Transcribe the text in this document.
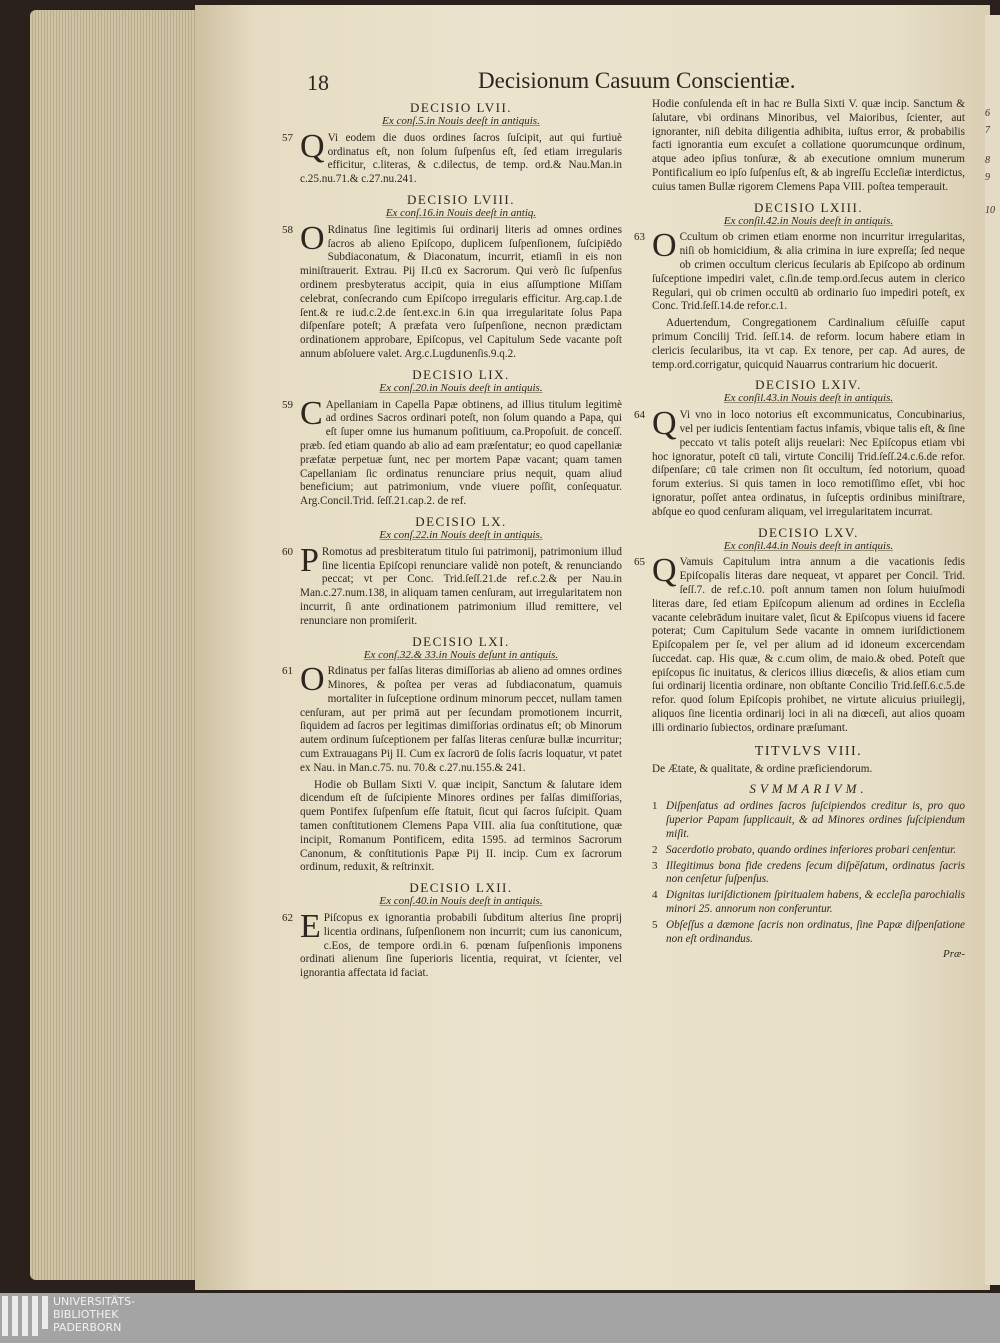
6
7
8
9
10
18	Decisionum Casuum Conscientiæ.
DECISIO LVII.
Ex conſ.5.in Nouis deeſt in antiquis.
57 Q Vi eodem die duos ordines ſacros ſuſcipit, aut qui furtiuè ordinatus eſt, non ſolum ſuſpenſus eſt, ſed etiam irregularis efficitur, c.literas, & c.dilectus, de temp. ord.& Nau.Man.in c.25.nu.71.& c.27.nu.241.
DECISIO LVIII.
Ex conſ.16.in Nouis deeſt in antiq.
58 O Rdinatus ſine legitimis ſui ordinarij literis ad omnes ordines ſacros ab alieno Epiſcopo, duplicem ſuſpenſionem, ſuſcipiēdo Subdiaconatum, & Diaconatum, incurrit, etiamſi in eis non miniſtrauerit. Extrau. Pij II.cū ex Sacrorum. Qui verò ſic ſuſpenſus ordinem presbyteratus accipit, quia in eius aſſumptione Miſſam celebrat, conſecrando cum Epiſcopo irregularis efficitur. Arg.cap.1.de ſent.& re iud.c.2.de ſent.exc.in 6.in qua irregularitate ſolus Papa diſpenſare poteſt; A præfata vero ſuſpenſione, necnon prædictam ordinationem approbare, Epiſcopus, vel Capitulum Sede vacante poſt annum abſoluere valet. Arg.c.Lugdunenſis.9.q.2.
DECISIO LIX.
Ex conſ.20.in Nouis deeſt in antiquis.
59 C Apellaniam in Capella Papæ obtinens, ad illius titulum legitimè ad ordines Sacros ordinari poteſt, non ſolum quando a Papa, qui eſt ſuper omne ius humanum poſitiuum, ca.Propoſuit. de conceſſ. præb. ſed etiam quando ab alio ad eam præſentatur; eo quod capellaniæ præfatæ perpetuæ ſunt, nec per mortem Papæ vacant; quam tamen Capellaniam ſic ordinatus renunciare prius nequit, quam aliud beneficium; aut patrimonium, vnde viuere poſſit, conſequatur. Arg.Concil.Trid. ſeſſ.21.cap.2. de ref.
DECISIO LX.
Ex conſ.22.in Nouis deeſt in antiquis.
60 P Romotus ad presbiteratum titulo ſui patrimonij, patrimonium illud ſine licentia Epiſcopi renunciare validè non poteſt, & renunciando peccat; vt per Conc. Trid.ſeſſ.21.de ref.c.2.& per Nau.in Man.c.27.num.138, in aliquam tamen cenſuram, aut irregularitatem non incurrit, ſi ante ordinationem patrimonium illud remittere, vel renunciare non promiſerit.
DECISIO LXI.
Ex conſ.32.& 33.in Nouis deſunt in antiquis.
61 O Rdinatus per falſas literas dimiſſorias ab alieno ad omnes ordines Minores, & poſtea per veras ad ſubdiaconatum, quamuis mortaliter in ſuſceptione ordinum minorum peccet, nullam tamen cenſuram, aut per primā aut per ſecundam promotionem incurrit, ſiquidem ad ſacros per legitimas dimiſſorias ordinatus eſt; ob Minorum autem ordinum ſuſceptionem per falſas literas cenſuræ bullæ incurritur; cum Extrauagans Pij II. Cum ex ſacrorū de ſolis ſacris loquatur, vt patet ex Nau. in Man.c.75. nu. 70.& c.27.nu.155.& 241.
Hodie ob Bullam Sixti V. quæ incipit, Sanctum & ſalutare idem dicendum eſt de ſuſcipiente Minores ordines per falſas dimiſſorias, quem Pontifex ſuſpenſum eſſe ſtatuit, ſicut qui ſacros ſuſcipit. Quam tamen conſtitutionem Clemens Papa VIII. alia ſua conſtitutione, quæ incipit, Romanum Pontificem, edita 1595. ad terminos Sacrorum Canonum, & conſtitutionis Papæ Pij II. incip. Cum ex ſacrorum ordinum, reduxit, & reſtrinxit.
DECISIO LXII.
Ex conſ.40.in Nouis deeſt in antiquis.
62 E Piſcopus ex ignorantia probabili ſubditum alterius ſine proprij licentia ordinans, ſuſpenſionem non incurrit; cum ius canonicum, c.Eos, de tempore ordi.in 6. pœnam ſuſpenſionis imponens ordinati alienum ſine ſuperioris licentia, requirat, vt ſcienter, vel ignorantia affectata id faciat.
Hodie conſulenda eſt in hac re Bulla Sixti V. quæ incip. Sanctum & ſalutare, vbi ordinans Minoribus, vel Maioribus, ſcienter, aut ignoranter, niſi debita diligentia adhibita, iuſtus error, & probabilis facti ignorantia eum excuſet a collatione quorumcunque ordinum, atque adeo ipſius tonſuræ, & ab executione omnium munerum Pontificalium eo ipſo ſuſpenſus eſt, & ab ingreſſu Eccleſiæ interdictus, cuius tamen Bullæ rigorem Clemens Papa VIII. poſtea temperauit.
DECISIO LXIII.
Ex conſil.42.in Nouis deeſt in antiquis.
63 O Ccultum ob crimen etiam enorme non incurritur irregularitas, niſi ob homicidium, & alia crimina in iure expreſſa; ſed neque ob crimen occultum clericus ſecularis ab Epiſcopo ab ordinum ſuſceptione impediri valet, c.ſin.de temp.ord.ſecus autem in clerico Regulari, qui ob crimen occultū ab ordinario ſuo impediri poteſt, ex Conc. Trid.ſeſſ.14.de refor.c.1.
Aduertendum, Congregationem Cardinalium cēſuiſſe caput primum Concilij Trid. ſeſſ.14. de reform. locum habere etiam in clericis ſecularibus, ita vt cap. Ex tenore, per cap. Ad aures, de temp.ord.corrigatur, quicquid Nauarrus contrarium hic docuerit.
DECISIO LXIV.
Ex conſil.43.in Nouis deeſt in antiquis.
64 Q Vi vno in loco notorius eſt excommunicatus, Concubinarius, vel per iudicis ſententiam factus infamis, vbique talis eſt, & ſine peccato vt talis poteſt alijs reuelari: Nec Epiſcopus etiam vbi hoc ignoratur, poteſt cū tali, virtute Concilij Trid.ſeſſ.24.c.6.de refor. diſpenſare; cū tale crimen non ſit occultum, ſed notorium, quoad forum exterius. Si quis tamen in loco remotiſſimo eſſet, vbi hoc ignoratur, poſſet antea ordinatus, in ſuſceptis ordinibus miniſtrare, abſque eo quod cenſuram aliquam, vel irregularitatem incurrat.
DECISIO LXV.
Ex conſil.44.in Nouis deeſt in antiquis.
65 Q Vamuis Capitulum intra annum a die vacationis ſedis Epiſcopalis literas dare nequeat, vt apparet per Concil. Trid. ſeſſ.7. de ref.c.10. poſt annum tamen non ſolum huiuſmodi literas dare, ſed etiam Epiſcopum alienum ad ordines in Eccleſia vacante celebrādum inuitare valet, ſicut & Epiſcopus viuens id facere poterat; Cum Capitulum Sede vacante in omnem iuriſdictionem Epiſcopalem per ſe, vel per alium ad id idoneum excercendam ſuccedat. cap. His quæ, & c.cum olim, de maio.& obed. Poteſt que epiſcopus ſic inuitatus, & clericos illius diœceſis, & alios etiam cum ſui ordinarij licentia ordinare, non obſtante Concilio Trid.ſeſſ.6.c.5.de refor. quod ſolum Epiſcopis prohibet, ne virtute alicuius priuilegij, aliquos ſine licentia ordinarij loci in ali na diœceſi, aut alios quoam illi ordinario ſubiectos, ordinare præſumant.
TITVLVS VIII.
De Ætate, & qualitate, & ordine præficiendorum.
SVMMARIVM.
1 Diſpenſatus ad ordines ſacros ſuſcipiendos creditur is, pro quo ſuperior Papam ſupplicauit, & ad Minores ordines ſuſcipiendum miſit.
2 Sacerdotio probato, quando ordines inferiores probari cenſentur.
3 Illegitimus bona fide credens ſecum diſpēſatum, ordinatus ſacris non cenſetur ſuſpenſus.
4 Dignitas iuriſdictionem ſpiritualem habens, & eccleſia parochialis minori 25. annorum non conferuntur.
5 Obſeſſus a dæmone ſacris non ordinatus, ſine Papæ diſpenſatione non eſt ordinandus.
Præ-
UNIVERSITÄTS-
BIBLIOTHEK
PADERBORN
